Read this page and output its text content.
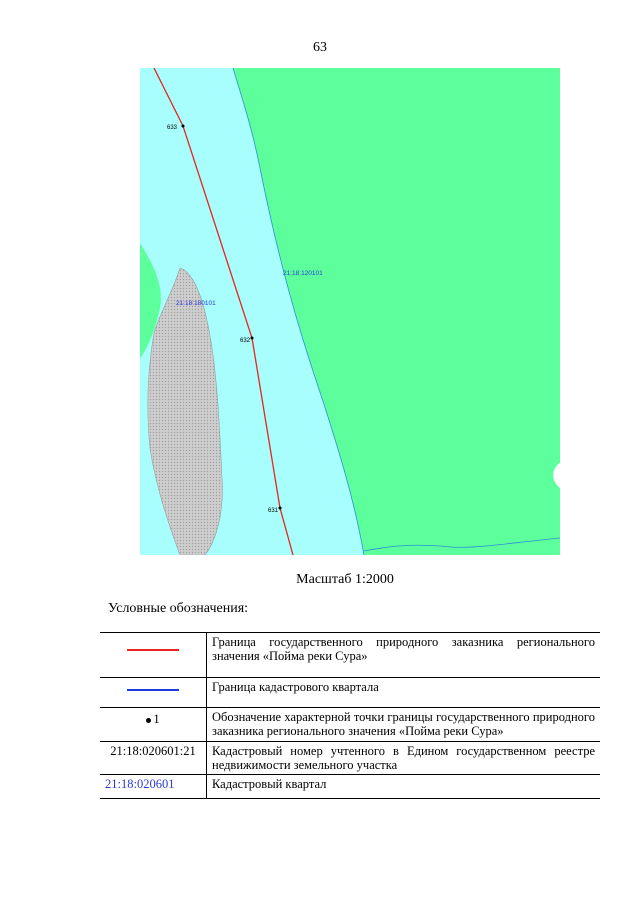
63
633
632
631
21:18:120101
21:18:180101
Масштаб 1:2000
Условные обозначения:
	Граница государственного природного заказника регионального значения «Пойма реки Сура»
	Граница кадастрового квартала
1	Обозначение характерной точки границы государственного природного заказника регионального значения «Пойма реки Сура»
21:18:020601:21	Кадастровый номер учтенного в Едином государственном реестре недвижимости земельного участка
21:18:020601	Кадастровый квартал
